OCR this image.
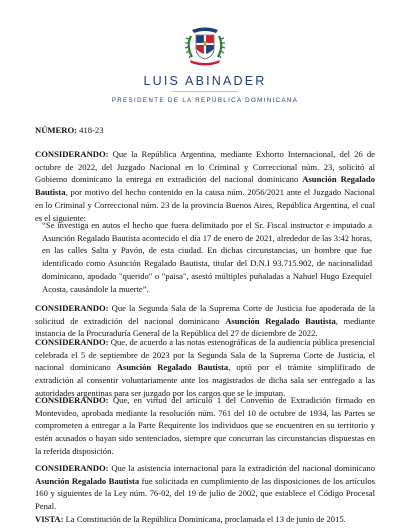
LUIS ABINADER
PRESIDENTE DE LA REPÚBLICA DOMINICANA
NÚMERO: 418-23
CONSIDERANDO: Que la República Argentina, mediante Exhorto Internacional, del 26 de octubre de 2022, del Juzgado Nacional en lo Criminal y Correccional núm. 23, solicitó al Gobierno dominicano la entrega en extradición del nacional dominicano Asunción Regalado Bautista, por motivo del hecho contenido en la causa núm. 2056/2021 ante el Juzgado Nacional en lo Criminal y Correccional núm. 23 de la provincia Buenos Aires, República Argentina, el cual es el siguiente:
“Se investiga en autos el hecho que fuera delimitado por el Sr. Fiscal instructor e imputado a Asunción Regalado Bautista acontecido el día 17 de enero de 2021, alrededor de las 3:42 horas, en las calles Salta y Pavón, de esta ciudad. En dichas circunstancias, un hombre que fue identificado como Asunción Regalado Bautista, titular del D.N.I 93.715.902, de nacionalidad dominicano, apodado "querido" o "paisa", asestó múltiples puñaladas a Nahuel Hugo Ezequiel Acosta, causándole la muerte”.
CONSIDERANDO: Que la Segunda Sala de la Suprema Corte de Justicia fue apoderada de la solicitud de extradición del nacional dominicano Asunción Regalado Bautista, mediante instancia de la Procuraduría General de la República del 27 de diciembre de 2022.
CONSIDERANDO: Que, de acuerdo a las notas estenográficas de la audiencia pública presencial celebrada el 5 de septiembre de 2023 por la Segunda Sala de la Suprema Corte de Justicia, el nacional dominicano Asunción Regalado Bautista, optó por el trámite simplificado de extradición al consentir voluntariamente ante los magistrados de dicha sala ser entregado a las autoridades argentinas para ser juzgado por los cargos que se le imputan.
CONSIDERANDO: Que, en virtud del artículo 1 del Convenio de Extradición firmado en Montevideo, aprobada mediante la resolución núm. 761 del 10 de octubre de 1934, las Partes se comprometen a entregar a la Parte Requirente los individuos que se encuentren en su territorio y estén acusados o hayan sido sentenciados, siempre que concurran las circunstancias dispuestas en la referida disposición.
CONSIDERANDO: Que la asistencia internacional para la extradición del nacional dominicano Asunción Regalado Bautista fue solicitada en cumplimiento de las disposiciones de los artículos 160 y siguientes de la Ley núm. 76-02, del 19 de julio de 2002, que establece el Código Procesal Penal.
VISTA: La Constitución de la República Dominicana, proclamada el 13 de junio de 2015.
